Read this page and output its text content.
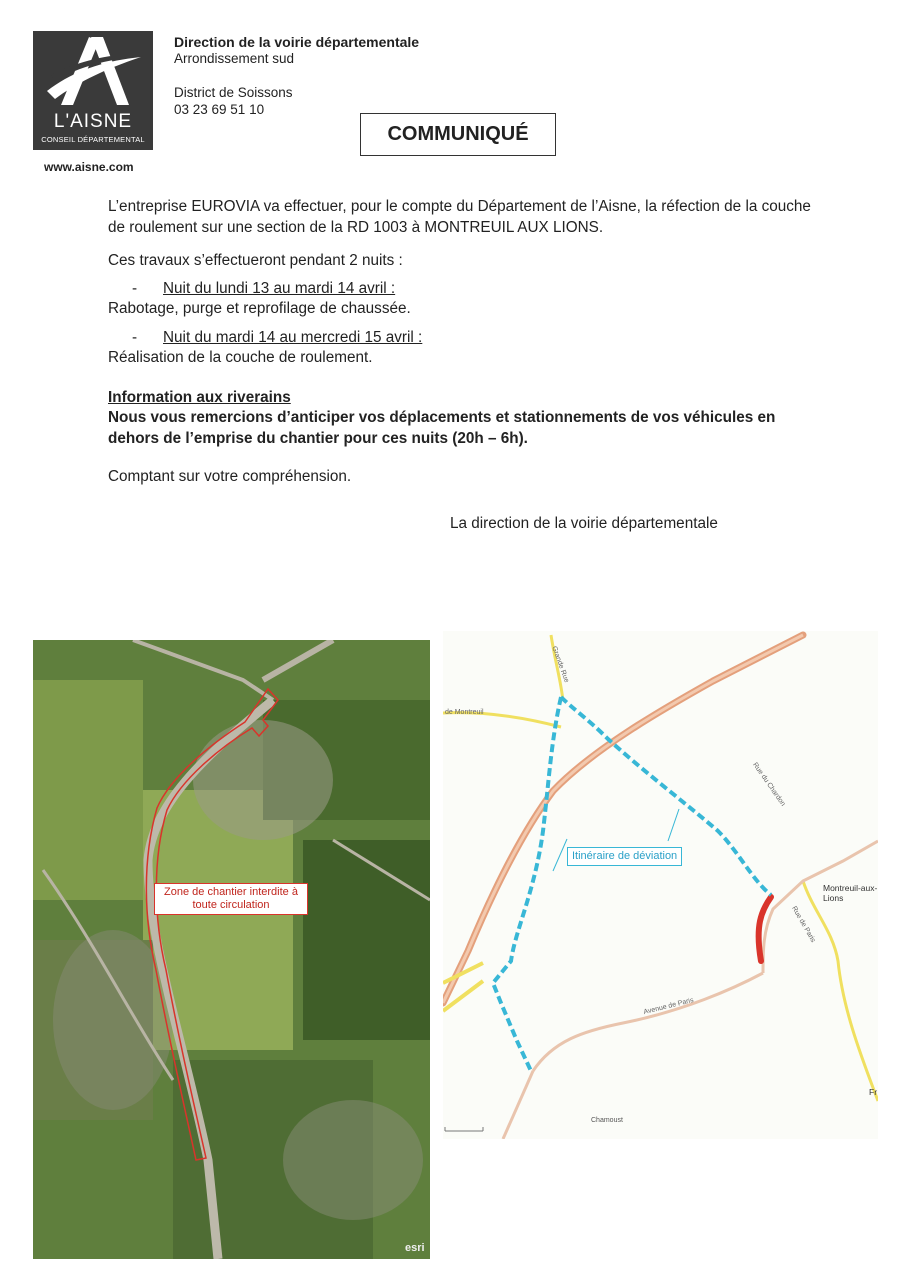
L'AISNE
CONSEIL DÉPARTEMENTAL
www.aisne.com
Direction de la voirie départementale
Arrondissement sud
District de Soissons
03 23 69 51 10
COMMUNIQUÉ
L’entreprise EUROVIA va effectuer, pour le compte du Département de l’Aisne, la réfection de la couche de roulement sur une section de la RD 1003 à MONTREUIL AUX LIONS.
Ces travaux s’effectueront pendant 2 nuits :
- Nuit du lundi 13 au mardi 14 avril :
Rabotage, purge et reprofilage de chaussée.
- Nuit du mardi 14 au mercredi 15 avril :
Réalisation de la couche de roulement.
Information aux riverains
Nous vous remercions d’anticiper vos déplacements et stationnements de vos véhicules en dehors de l’emprise du chantier pour ces nuits (20h – 6h).
Comptant sur votre compréhension.
La direction de la voirie départementale
Zone de chantier interdite à toute circulation
esri
Itinéraire de déviation
Montreuil-aux-
Lions
Fr
Chamoust
de Montreuil
Avenue de Paris
Rue de Paris
Rue du Chardon
Grande Rue
